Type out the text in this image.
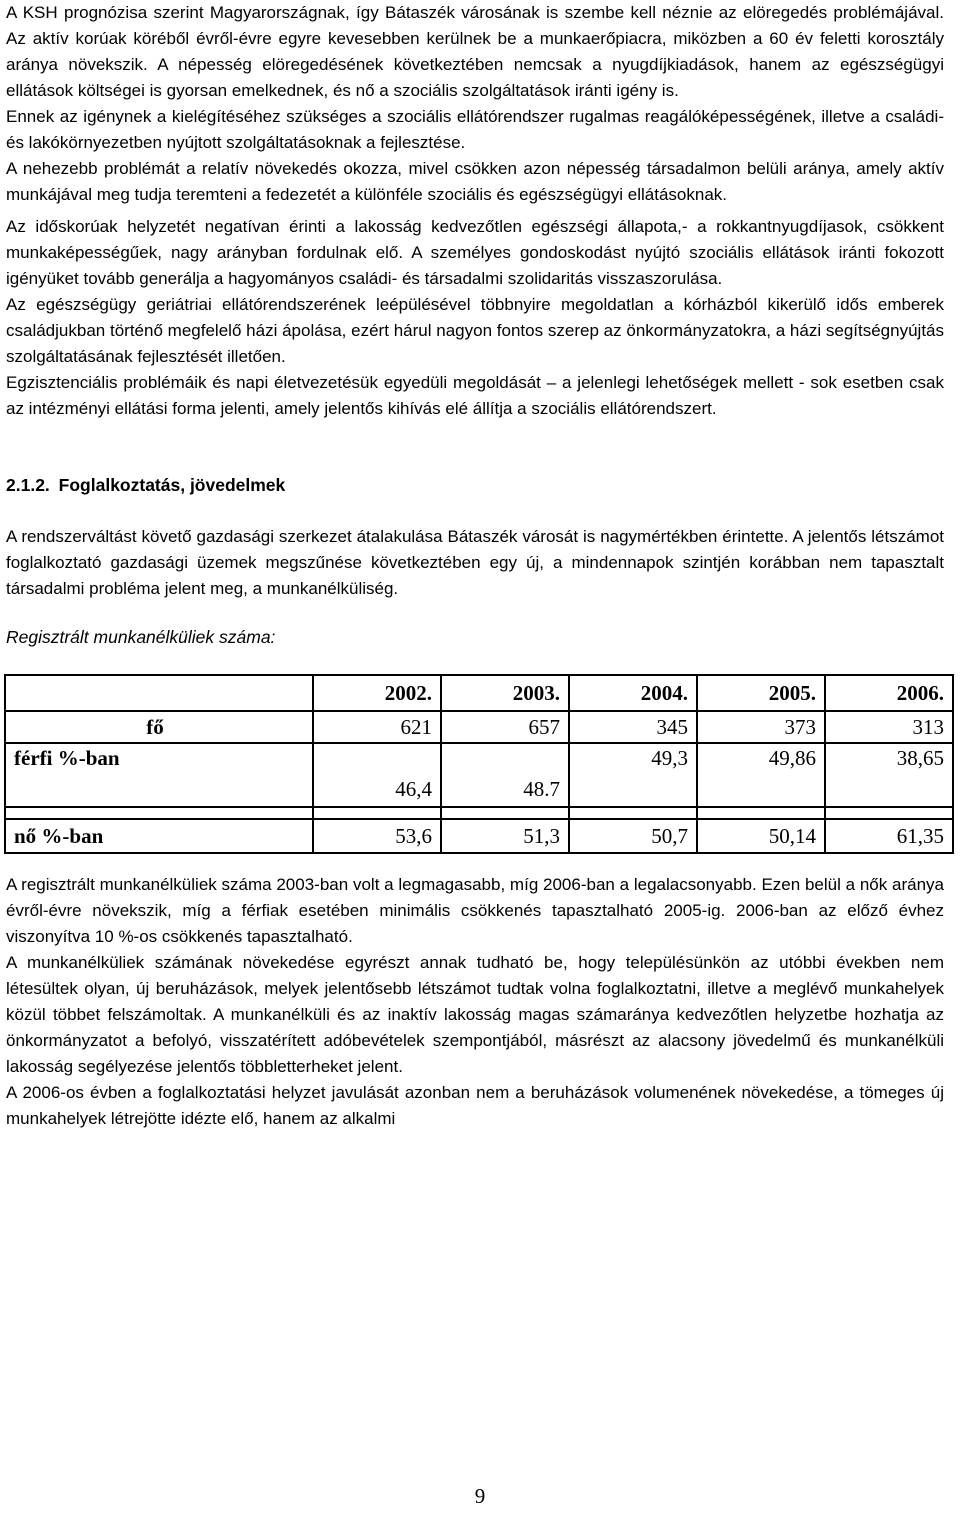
A KSH prognózisa szerint Magyarországnak, így Bátaszék városának is szembe kell néznie az elöregedés problémájával. Az aktív korúak köréből évről-évre egyre kevesebben kerülnek be a munkaerőpiacra, miközben a 60 év feletti korosztály aránya növekszik. A népesség elöregedésének következtében nemcsak a nyugdíjkiadások, hanem az egészségügyi ellátások költségei is gyorsan emelkednek, és nő a szociális szolgáltatások iránti igény is.

Ennek az igénynek a kielégítéséhez szükséges a szociális ellátórendszer rugalmas reagálóképességének, illetve a családi- és lakókörnyezetben nyújtott szolgáltatásoknak a fejlesztése.

A nehezebb problémát a relatív növekedés okozza, mivel csökken azon népesség társadalmon belüli aránya, amely aktív munkájával meg tudja teremteni a fedezetét a különféle szociális és egészségügyi ellátásoknak.

Az időskorúak helyzetét negatívan érinti a lakosság kedvezőtlen egészségi állapota,- a rokkantnyugdíjasok, csökkent munkaképességűek, nagy arányban fordulnak elő. A személyes gondoskodást nyújtó szociális ellátások iránti fokozott igényüket tovább generálja a hagyományos családi- és társadalmi szolidaritás visszaszorulása.

Az egészségügy geriátriai ellátórendszerének leépülésével többnyire megoldatlan a kórházból kikerülő idős emberek családjukban történő megfelelő házi ápolása, ezért hárul nagyon fontos szerep az önkormányzatokra, a házi segítségnyújtás szolgáltatásának fejlesztését illetően.

Egzisztenciális problémáik és napi életvezetésük egyedüli megoldását – a jelenlegi lehetőségek mellett - sok esetben csak az intézményi ellátási forma jelenti, amely jelentős kihívás elé állítja a szociális ellátórendszert.

2.1.2. Foglalkoztatás, jövedelmek

A rendszerváltást követő gazdasági szerkezet átalakulása Bátaszék városát is nagymértékben érintette. A jelentős létszámot foglalkoztató gazdasági üzemek megszűnése következtében egy új, a mindennapok szintjén korábban nem tapasztalt társadalmi probléma jelent meg, a munkanélküliség.

Regisztrált munkanélküliek száma:
	2002.	2003.	2004.	2005.	2006.
fő	621	657	345	373	313
férfi %-ban	46,4	48.7	49,3	49,86	38,65

nő %-ban	53,6	51,3	50,7	50,14	61,35

A regisztrált munkanélküliek száma 2003-ban volt a legmagasabb, míg 2006-ban a legalacsonyabb. Ezen belül a nők aránya évről-évre növekszik, míg a férfiak esetében minimális csökkenés tapasztalható 2005-ig. 2006-ban az előző évhez viszonyítva 10 %-os csökkenés tapasztalható.

A munkanélküliek számának növekedése egyrészt annak tudható be, hogy településünkön az utóbbi években nem létesültek olyan, új beruházások, melyek jelentősebb létszámot tudtak volna foglalkoztatni, illetve a meglévő munkahelyek közül többet felszámoltak. A munkanélküli és az inaktív lakosság magas számaránya kedvezőtlen helyzetbe hozhatja az önkormányzatot a befolyó, visszatérített adóbevételek szempontjából, másrészt az alacsony jövedelmű és munkanélküli lakosság segélyezése jelentős többletterheket jelent.

A 2006-os évben a foglalkoztatási helyzet javulását azonban nem a beruházások volumenének növekedése, a tömeges új munkahelyek létrejötte idézte elő, hanem az alkalmi

9
